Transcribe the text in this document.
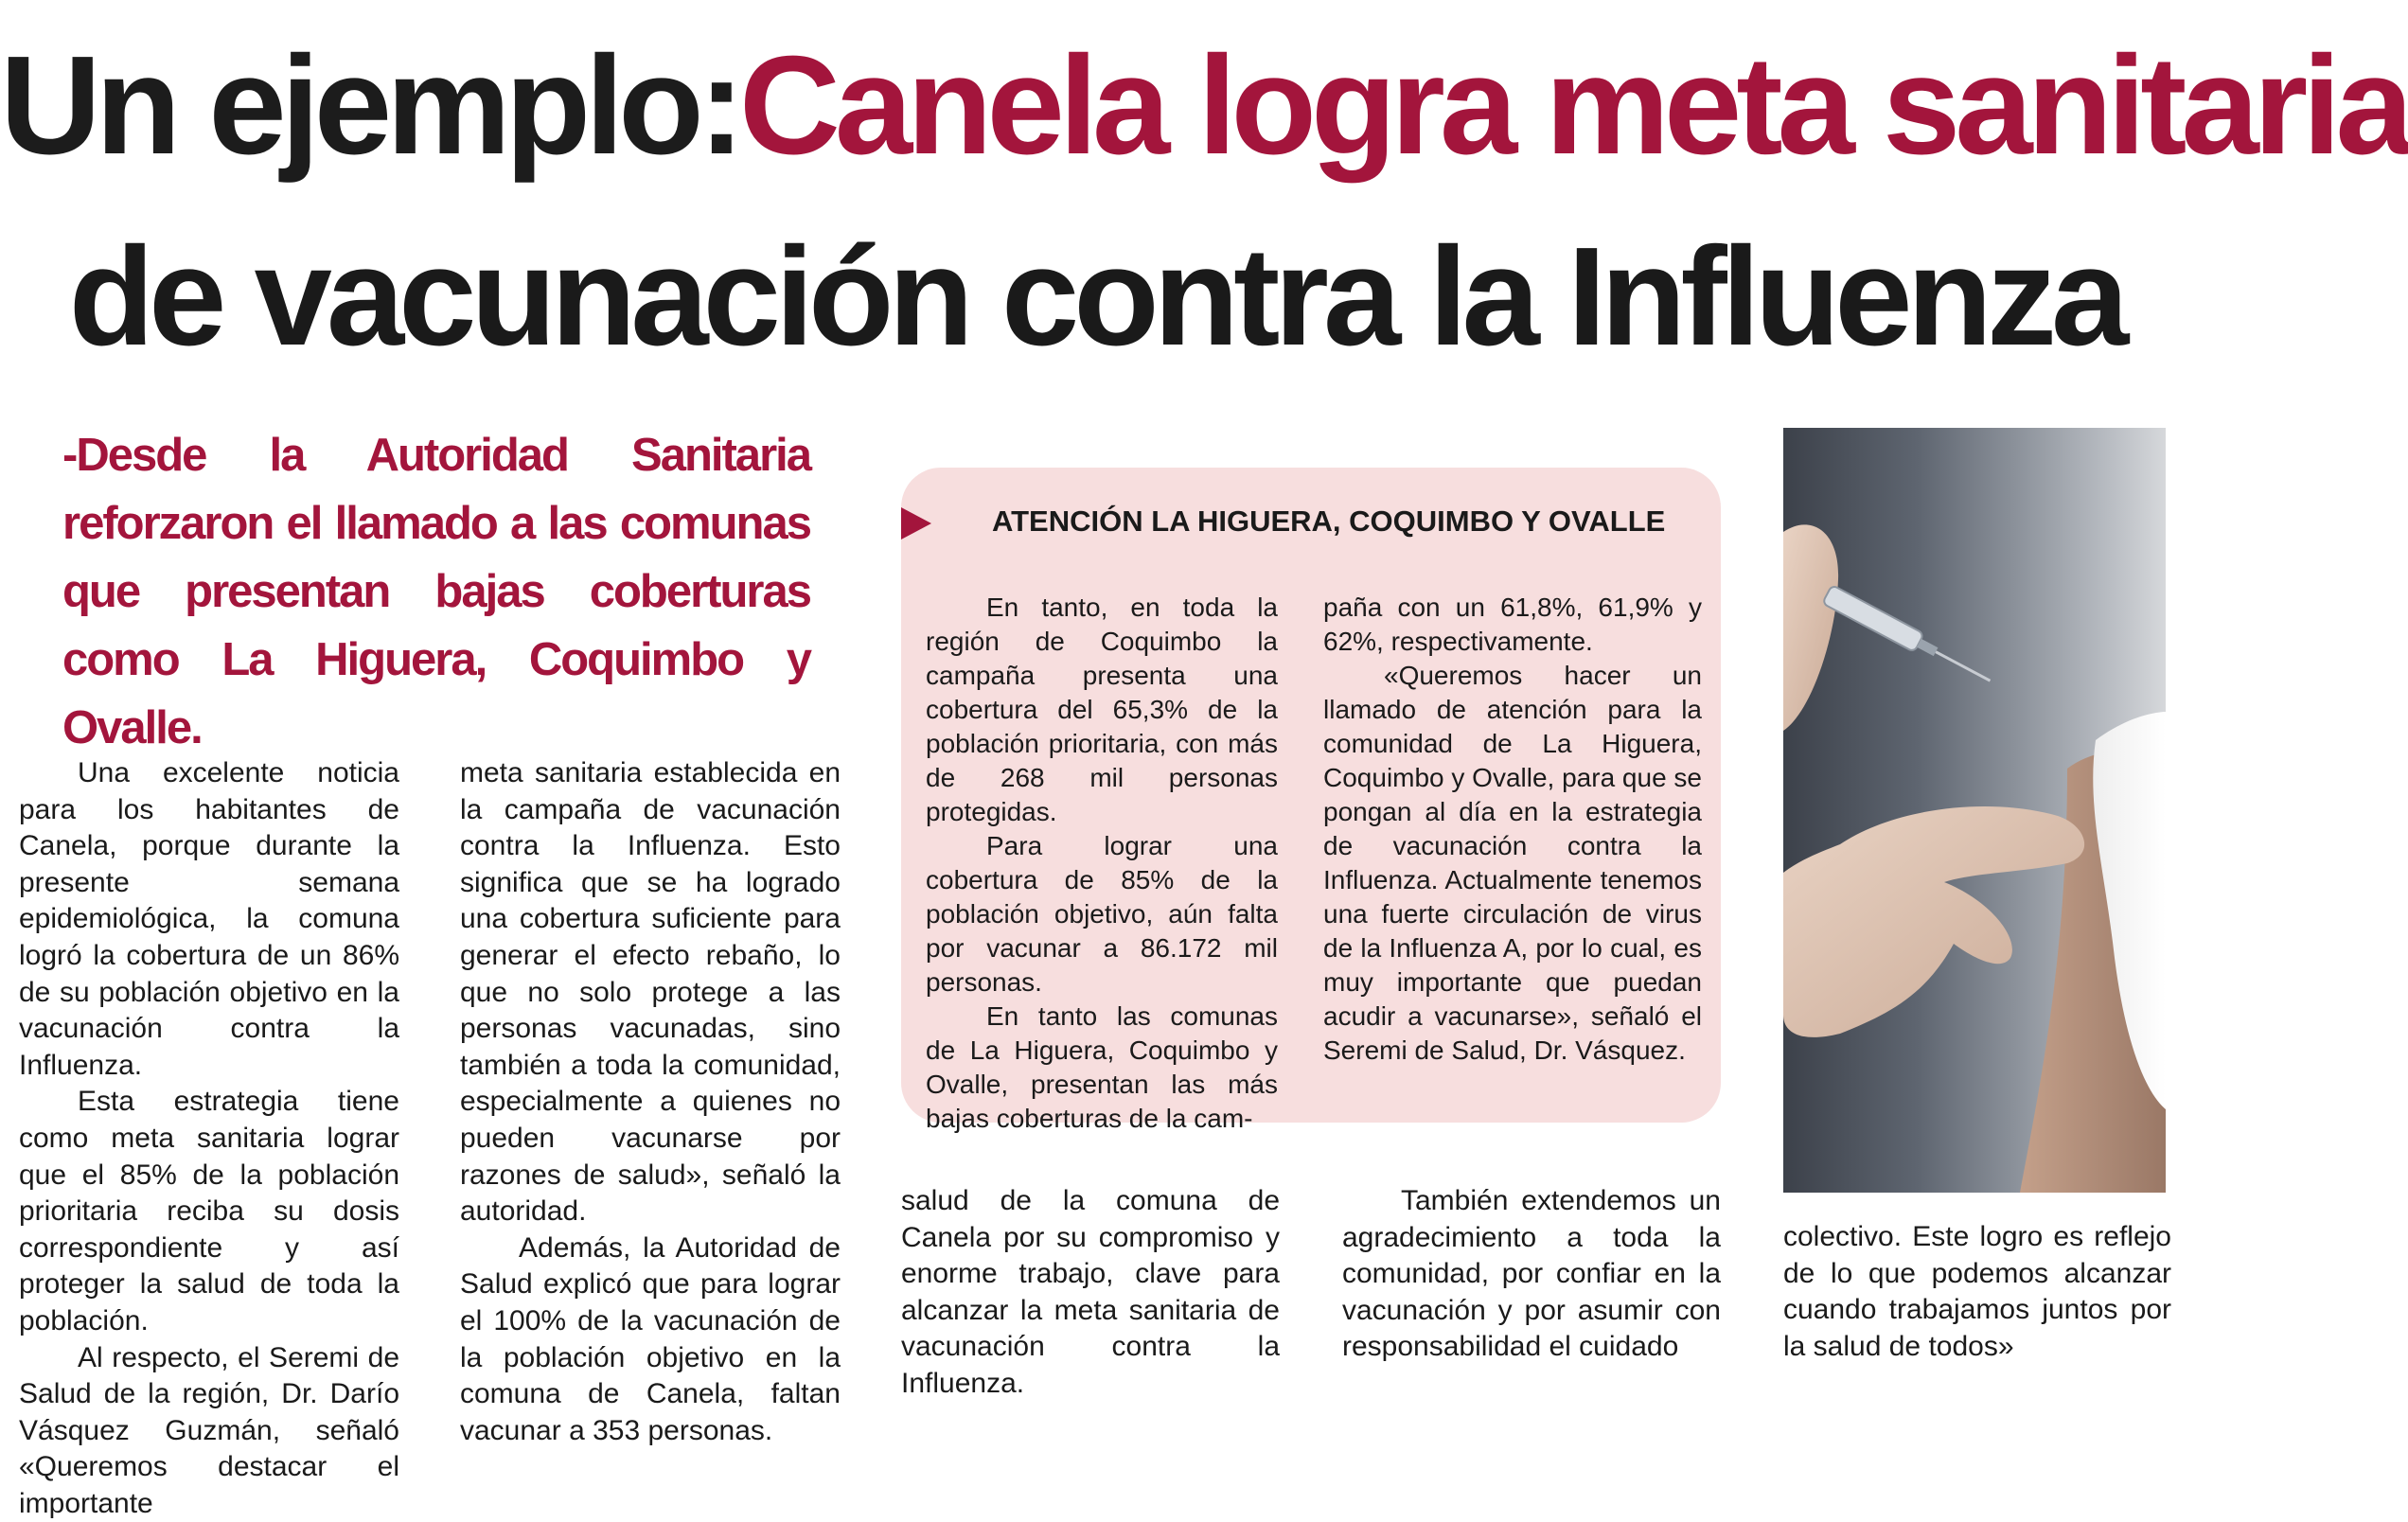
Un ejemplo:Canela logra meta sanitaria
de vacunación contra la Influenza

-Desde la Autoridad Sanitaria reforzaron el llamado a las comunas que presentan bajas coberturas como La Higuera, Coquimbo y Ovalle.

Una excelente noticia para los habitantes de Canela, porque durante la presente semana epidemiológica, la comuna logró la cobertura de un 86% de su población objetivo en la vacunación contra la Influenza.

Esta estrategia tiene como meta sanitaria lograr que el 85% de la población prioritaria reciba su dosis correspondiente y así proteger la salud de toda la población.

Al respecto, el Seremi de Salud de la región, Dr. Darío Vásquez Guzmán, señaló «Queremos destacar el importante

meta sanitaria establecida en la campaña de vacunación contra la Influenza. Esto significa que se ha logrado una cobertura suficiente para generar el efecto rebaño, lo que no solo protege a las personas vacunadas, sino también a toda la comunidad, especialmente a quienes no pueden vacunarse por razones de salud», señaló la autoridad.

Además, la Autoridad de Salud explicó que para lograr el 100% de la vacunación de la población objetivo en la comuna de Canela, faltan vacunar a 353 personas.

ATENCIÓN LA HIGUERA, COQUIMBO Y OVALLE

En tanto, en toda la región de Coquimbo la campaña presenta una cobertura del 65,3% de la población prioritaria, con más de 268 mil personas protegidas.

Para lograr una cobertura de 85% de la población objetivo, aún falta por vacunar a 86.172 mil personas.

En tanto las comunas de La Higuera, Coquimbo y Ovalle, presentan las más bajas coberturas de la cam-

paña con un 61,8%, 61,9% y 62%, respectivamente.

«Queremos hacer un llamado de atención para la comunidad de La Higuera, Coquimbo y Ovalle, para que se pongan al día en la estrategia de vacunación contra la Influenza. Actualmente tenemos una fuerte circulación de virus de la Influenza A, por lo cual, es muy importante que puedan acudir a vacunarse», señaló el Seremi de Salud, Dr. Vásquez.

salud de la comuna de Canela por su compromiso y enorme trabajo, clave para alcanzar la meta sanitaria de vacunación contra la Influenza.

También extendemos un agradecimiento a toda la comunidad, por confiar en la vacunación y por asumir con responsabilidad el cuidado

colectivo. Este logro es reflejo de lo que podemos alcanzar cuando trabajamos juntos por la salud de todos»
